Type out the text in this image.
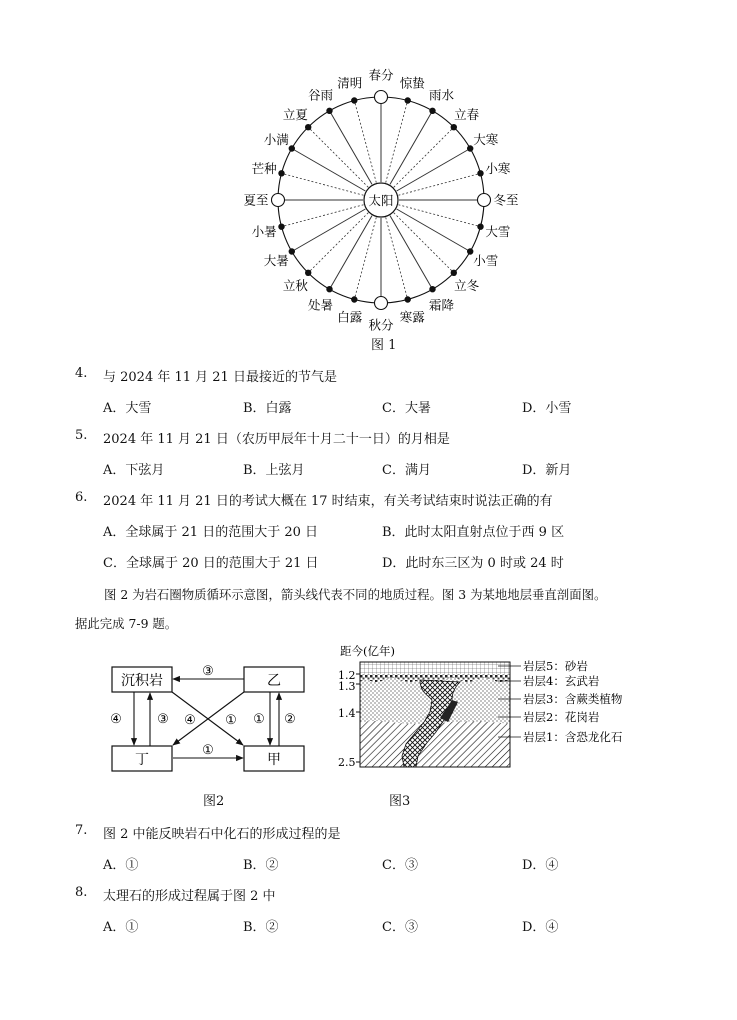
春分
惊蛰
雨水
立春
大寒
小寒
冬至
大雪
小雪
立冬
霜降
寒露
秋分
白露
处暑
立秋
大暑
小暑
夏至
芒种
小满
立夏
谷雨
清明
太阳
图 1
4. 与 2024 年 11 月 21 日最接近的节气是
A．大雪	B．白露	C．大暑	D．小雪
5. 2024 年 11 月 21 日（农历甲辰年十月二十一日）的月相是
A．下弦月	B．上弦月	C．满月	D．新月
6. 2024 年 11 月 21 日的考试大概在 17 时结束，有关考试结束时说法正确的有
A．全球属于 21 日的范围大于 20 日	B．此时太阳直射点位于西 9 区
C．全球属于 20 日的范围大于 21 日	D．此时东三区为 0 时或 24 时
图 2 为岩石圈物质循环示意图，箭头线代表不同的地质过程。图 3 为某地地层垂直剖面图。
据此完成 7-9 题。
沉积岩	乙
丁	甲
③
④	③ ④ ① ① ②
①
图2
距今(亿年)
1.2
1.3
1.4
2.5
岩层5：砂岩
岩层4：玄武岩
岩层3：含蕨类植物
岩层2：花岗岩
岩层1：含恐龙化石
图3
7. 图 2 中能反映岩石中化石的形成过程的是
A．①	B．②	C．③	D．④
8. 太理石的形成过程属于图 2 中
A．①	B．②	C．③	D．④
